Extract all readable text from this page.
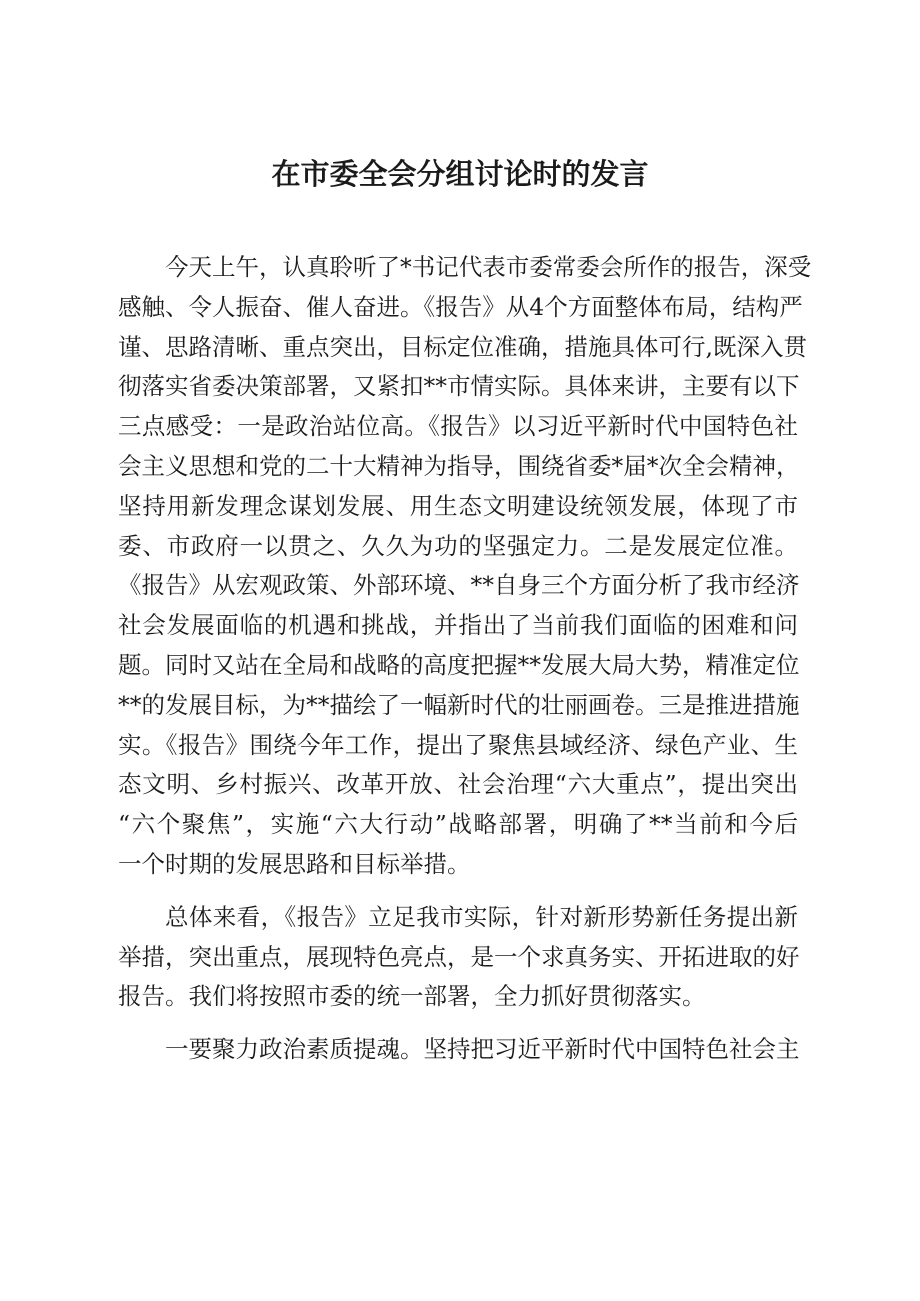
在市委全会分组讨论时的发言
今天上午，认真聆听了*书记代表市委常委会所作的报告，深受
感触、令人振奋、催人奋进。《报告》从4个方面整体布局，结构严
谨、思路清晰、重点突出，目标定位准确，措施具体可行,既深入贯
彻落实省委决策部署，又紧扣**市情实际。具体来讲，主要有以下
三点感受：一是政治站位高。《报告》以习近平新时代中国特色社
会主义思想和党的二十大精神为指导，围绕省委*届*次全会精神，
坚持用新发理念谋划发展、用生态文明建设统领发展，体现了市
委、市政府一以贯之、久久为功的坚强定力。二是发展定位准。
《报告》从宏观政策、外部环境、**自身三个方面分析了我市经济
社会发展面临的机遇和挑战，并指出了当前我们面临的困难和问
题。同时又站在全局和战略的高度把握**发展大局大势，精准定位
**的发展目标，为**描绘了一幅新时代的壮丽画卷。三是推进措施
实。《报告》围绕今年工作，提出了聚焦县域经济、绿色产业、生
态文明、乡村振兴、改革开放、社会治理“六大重点”，提出突出
“六个聚焦”，实施“六大行动”战略部署，明确了**当前和今后
一个时期的发展思路和目标举措。
总体来看，《报告》立足我市实际，针对新形势新任务提出新
举措，突出重点，展现特色亮点，是一个求真务实、开拓进取的好
报告。我们将按照市委的统一部署，全力抓好贯彻落实。
一要聚力政治素质提魂。坚持把习近平新时代中国特色社会主
